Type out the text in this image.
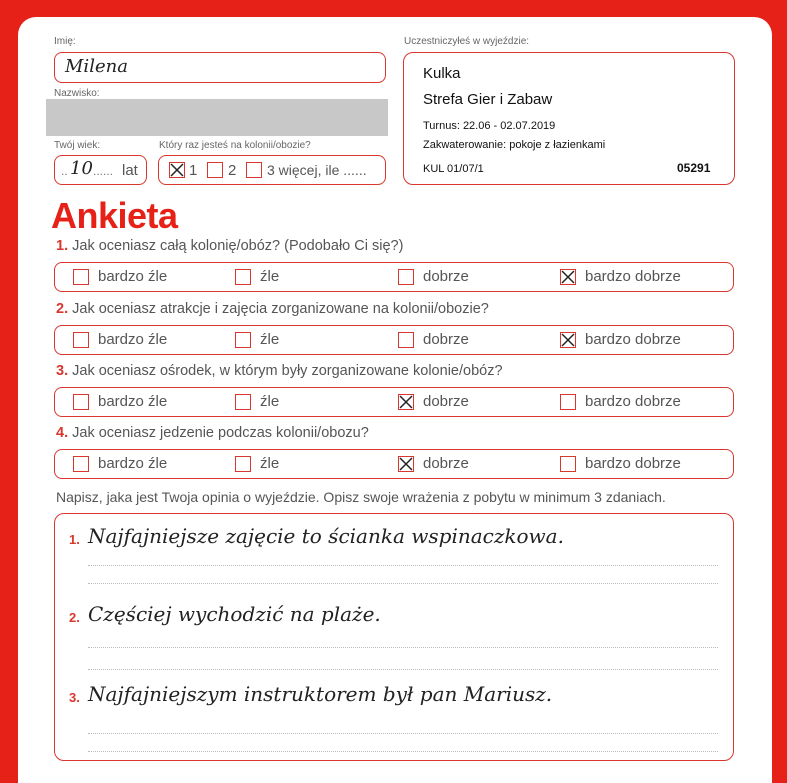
Imię:
Milena
Nazwisko:
Twój wiek:
.. 10 ...... lat
Który raz jesteś na kolonii/obozie?
1 2 3 więcej, ile ......
Uczestniczyłeś w wyjeździe:
Kulka
Strefa Gier i Zabaw
Turnus: 22.06 - 02.07.2019
Zakwaterowanie: pokoje z łazienkami
KUL 01/07/1	05291
Ankieta
1. Jak oceniasz całą kolonię/obóz? (Podobało Ci się?)
bardzo źle	źle	dobrze	bardzo dobrze
2. Jak oceniasz atrakcje i zajęcia zorganizowane na kolonii/obozie?
bardzo źle	źle	dobrze	bardzo dobrze
3. Jak oceniasz ośrodek, w którym były zorganizowane kolonie/obóz?
bardzo źle	źle	dobrze	bardzo dobrze
4. Jak oceniasz jedzenie podczas kolonii/obozu?
bardzo źle	źle	dobrze	bardzo dobrze
Napisz, jaka jest Twoja opinia o wyjeździe. Opisz swoje wrażenia z pobytu w minimum 3 zdaniach.
1. Najfajniejsze zajęcie to ścianka wspinaczkowa.
2. Częściej wychodzić na plaże.
3. Najfajniejszym instruktorem był pan Mariusz.
